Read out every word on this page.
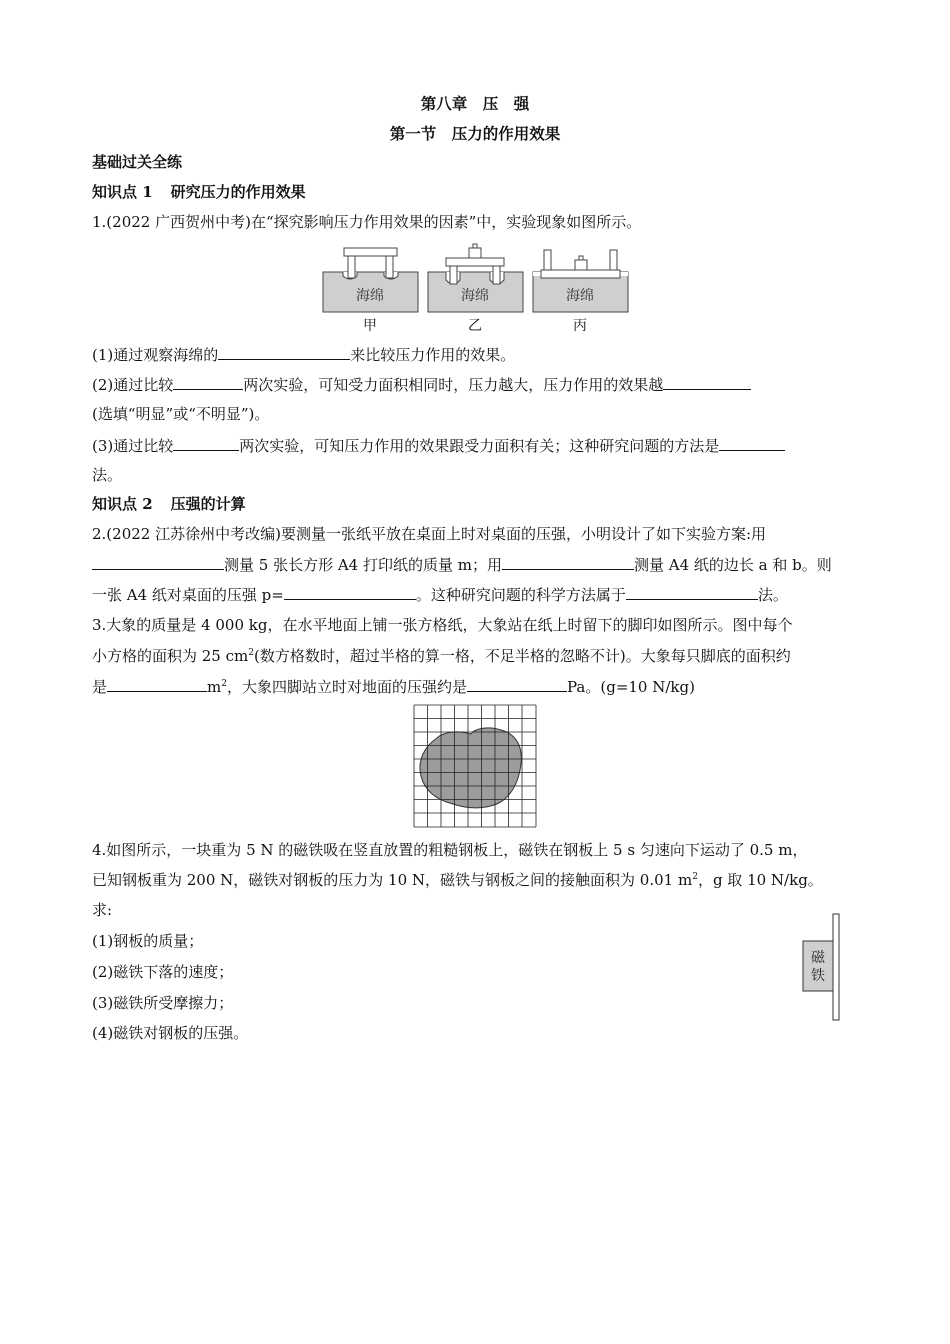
第八章　压　强
第一节　压力的作用效果
基础过关全练
知识点 1 研究压力的作用效果
1.(2022 广西贺州中考)在“探究影响压力作用效果的因素”中，实验现象如图所示。
海绵
甲
海绵
乙
海绵
丙
(1)通过观察海绵的	来比较压力作用的效果。
(2)通过比较	两次实验，可知受力面积相同时，压力越大，压力作用的效果越
(选填“明显”或“不明显”)。
(3)通过比较	两次实验，可知压力作用的效果跟受力面积有关；这种研究问题的方法是
法。
知识点 2 压强的计算
2.(2022 江苏徐州中考改编)要测量一张纸平放在桌面上时对桌面的压强，小明设计了如下实验方案:用
测量 5 张长方形 A4 打印纸的质量 m；用	测量 A4 纸的边长 a 和 b。则
一张 A4 纸对桌面的压强 p=	。这种研究问题的科学方法属于	法。
3.大象的质量是 4 000 kg，在水平地面上铺一张方格纸，大象站在纸上时留下的脚印如图所示。图中每个
小方格的面积为 25 $cm^2$(数方格数时，超过半格的算一格，不足半格的忽略不计)。大象每只脚底的面积约
是	$m^2$，大象四脚站立时对地面的压强约是	Pa。(g=10 N/kg)
4.如图所示，一块重为 5 N 的磁铁吸在竖直放置的粗糙钢板上，磁铁在钢板上 5 s 匀速向下运动了 0.5 m，
已知钢板重为 200 N，磁铁对钢板的压力为 10 N，磁铁与钢板之间的接触面积为 0.01 $m^2$，g 取 10 N/kg。
求:
(1)钢板的质量；
(2)磁铁下落的速度；
(3)磁铁所受摩擦力；
(4)磁铁对钢板的压强。
磁
铁
